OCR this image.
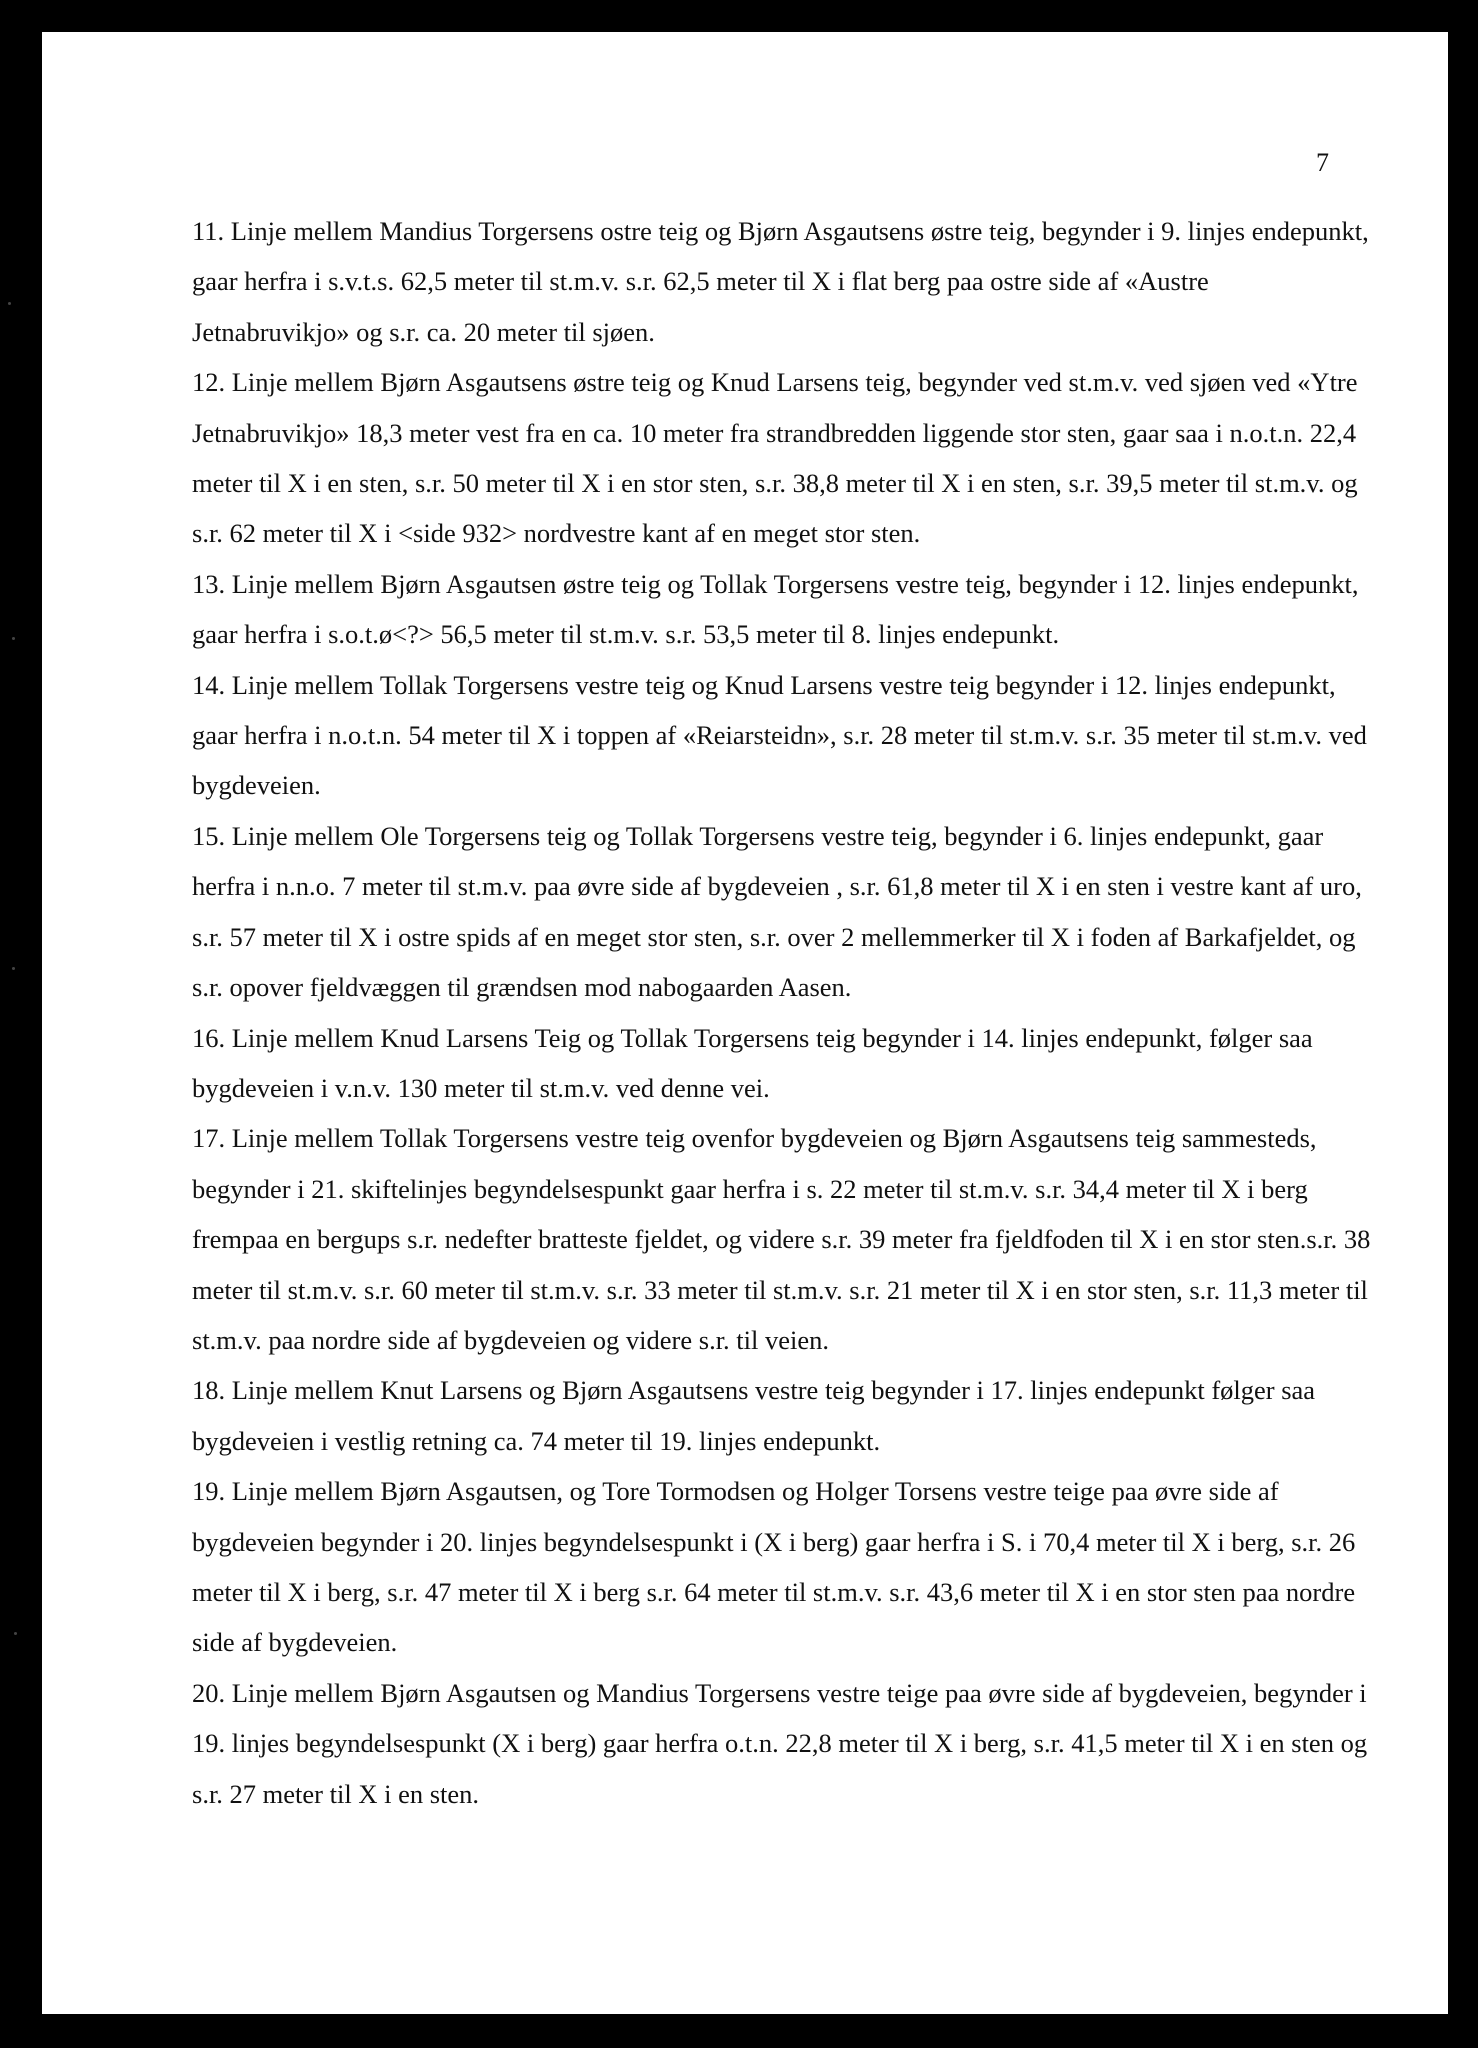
7

11. Linje mellem Mandius Torgersens ostre teig og Bjørn Asgautsens østre teig, begynder i 9. linjes endepunkt, gaar herfra i s.v.t.s. 62,5 meter til st.m.v. s.r. 62,5 meter til X i flat berg paa ostre side af «Austre Jetnabruvikjo» og s.r. ca. 20 meter til sjøen.

12. Linje mellem Bjørn Asgautsens østre teig og Knud Larsens teig, begynder ved st.m.v. ved sjøen ved «Ytre Jetnabruvikjo» 18,3 meter vest fra en ca. 10 meter fra strandbredden liggende stor sten, gaar saa i n.o.t.n. 22,4 meter til X i en sten, s.r. 50 meter til X i en stor sten, s.r. 38,8 meter til X i en sten, s.r. 39,5 meter til st.m.v. og s.r. 62 meter til X i <side 932> nordvestre kant af en meget stor sten.

13. Linje mellem Bjørn Asgautsen østre teig og Tollak Torgersens vestre teig, begynder i 12. linjes endepunkt, gaar herfra i s.o.t.ø<?> 56,5 meter til st.m.v. s.r. 53,5 meter til 8. linjes endepunkt.

14. Linje mellem Tollak Torgersens vestre teig og Knud Larsens vestre teig begynder i 12. linjes endepunkt, gaar herfra i n.o.t.n. 54 meter til X i toppen af «Reiarsteidn», s.r. 28 meter til st.m.v. s.r. 35 meter til st.m.v. ved bygdeveien.

15. Linje mellem Ole Torgersens teig og Tollak Torgersens vestre teig, begynder i 6. linjes endepunkt, gaar herfra i n.n.o. 7 meter til st.m.v. paa øvre side af bygdeveien , s.r. 61,8 meter til X i en sten i vestre kant af uro, s.r. 57 meter til X i ostre spids af en meget stor sten, s.r. over 2 mellemmerker til X i foden af Barkafjeldet, og s.r. opover fjeldvæggen til grændsen mod nabogaarden Aasen.

16. Linje mellem Knud Larsens Teig og Tollak Torgersens teig begynder i 14. linjes endepunkt, følger saa bygdeveien i v.n.v. 130 meter til st.m.v. ved denne vei.

17. Linje mellem Tollak Torgersens vestre teig ovenfor bygdeveien og Bjørn Asgautsens teig sammesteds, begynder i 21. skiftelinjes begyndelsespunkt gaar herfra i s. 22 meter til st.m.v. s.r. 34,4 meter til X i berg frempaa en bergups s.r. nedefter bratteste fjeldet, og videre s.r. 39 meter fra fjeldfoden til X i en stor sten.s.r. 38 meter til st.m.v. s.r. 60 meter til st.m.v. s.r. 33 meter til st.m.v. s.r. 21 meter til X i en stor sten, s.r. 11,3 meter til st.m.v. paa nordre side af bygdeveien og videre s.r. til veien.

18. Linje mellem Knut Larsens og Bjørn Asgautsens vestre teig begynder i 17. linjes endepunkt følger saa bygdeveien i vestlig retning ca. 74 meter til 19. linjes endepunkt.

19. Linje mellem Bjørn Asgautsen, og Tore Tormodsen og Holger Torsens vestre teige paa øvre side af bygdeveien begynder i 20. linjes begyndelsespunkt i (X i berg) gaar herfra i S. i 70,4 meter til X i berg, s.r. 26 meter til X i berg, s.r. 47 meter til X i berg s.r. 64 meter til st.m.v. s.r. 43,6 meter til X i en stor sten paa nordre side af bygdeveien.

20. Linje mellem Bjørn Asgautsen og Mandius Torgersens vestre teige paa øvre side af bygdeveien, begynder i 19. linjes begyndelsespunkt (X i berg) gaar herfra o.t.n. 22,8 meter til X i berg, s.r. 41,5 meter til X i en sten og s.r. 27 meter til X i en sten.
